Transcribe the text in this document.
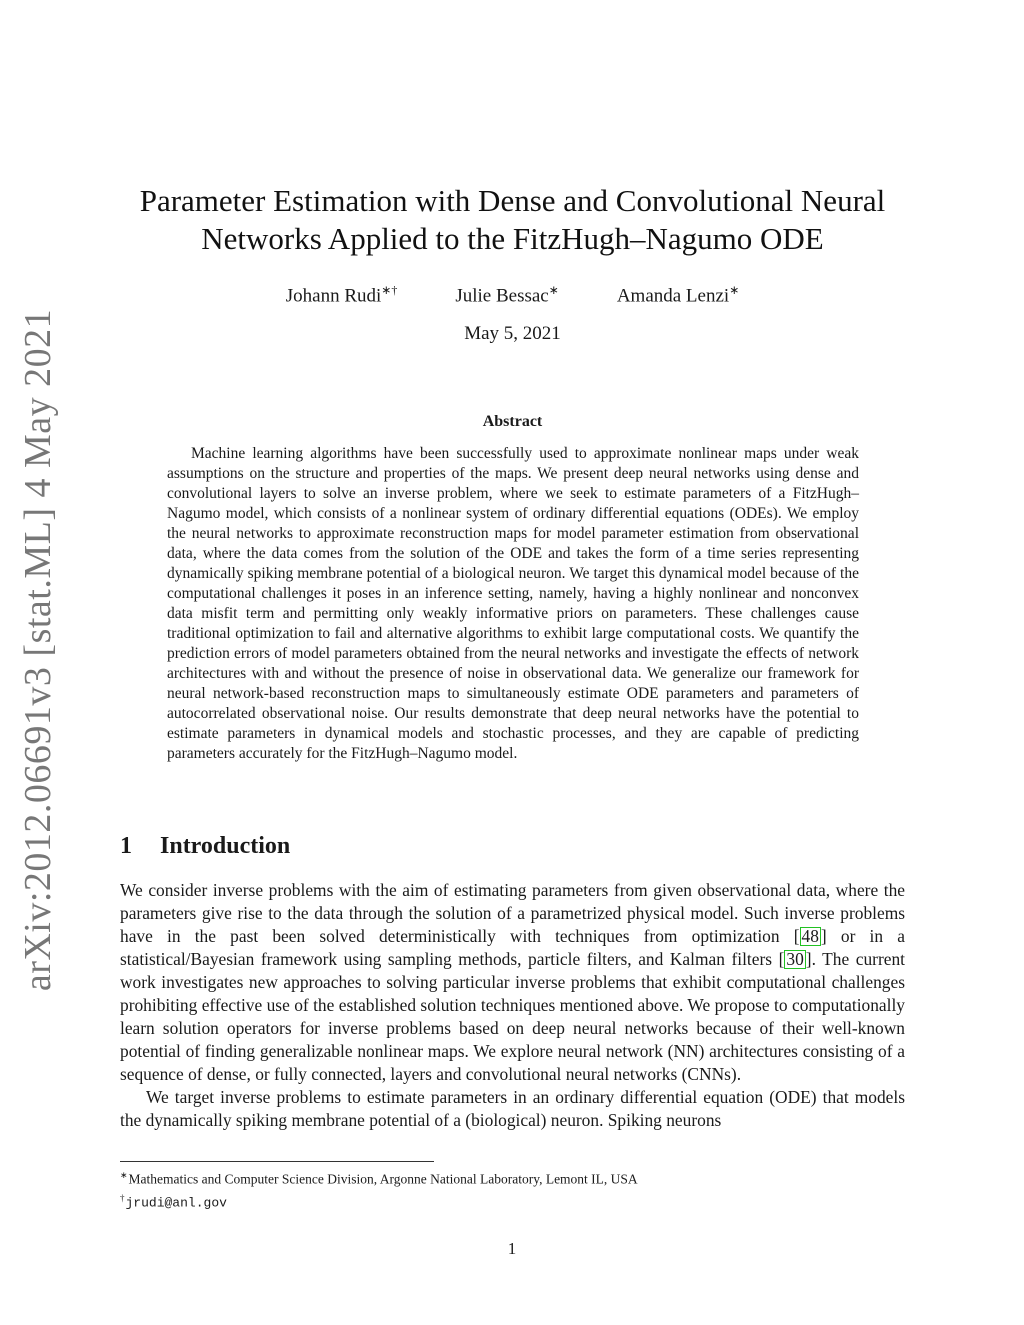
arXiv:2012.06691v3 [stat.ML] 4 May 2021
Parameter Estimation with Dense and Convolutional Neural
Networks Applied to the FitzHugh–Nagumo ODE
Johann Rudi∗†	Julie Bessac∗	Amanda Lenzi∗
May 5, 2021
Abstract

Machine learning algorithms have been successfully used to approximate nonlinear maps under weak assumptions on the structure and properties of the maps. We present deep neural networks using dense and convolutional layers to solve an inverse problem, where we seek to estimate parameters of a FitzHugh–Nagumo model, which consists of a nonlinear system of ordinary differential equations (ODEs). We employ the neural networks to approximate reconstruction maps for model parameter estimation from observational data, where the data comes from the solution of the ODE and takes the form of a time series representing dynamically spiking membrane potential of a biological neuron. We target this dynamical model because of the computational challenges it poses in an inference setting, namely, having a highly nonlinear and nonconvex data misfit term and permitting only weakly informative priors on parameters. These challenges cause traditional optimization to fail and alternative algorithms to exhibit large computational costs. We quantify the prediction errors of model parameters obtained from the neural networks and investigate the effects of network architectures with and without the presence of noise in observational data. We generalize our framework for neural network-based reconstruction maps to simultaneously estimate ODE parameters and parameters of autocorrelated observational noise. Our results demonstrate that deep neural networks have the potential to estimate parameters in dynamical models and stochastic processes, and they are capable of predicting parameters accurately for the FitzHugh–Nagumo model.

1 Introduction

We consider inverse problems with the aim of estimating parameters from given observational data, where the parameters give rise to the data through the solution of a parametrized physical model. Such inverse problems have in the past been solved deterministically with techniques from optimization [ 48 ] or in a statistical/Bayesian framework using sampling methods, particle filters, and Kalman filters [ 30 ]. The current work investigates new approaches to solving particular inverse problems that exhibit computational challenges prohibiting effective use of the established solution techniques mentioned above. We propose to computationally learn solution operators for inverse problems based on deep neural networks because of their well-known potential of finding generalizable nonlinear maps. We explore neural network (NN) architectures consisting of a sequence of dense, or fully connected, layers and convolutional neural networks (CNNs).

We target inverse problems to estimate parameters in an ordinary differential equation (ODE) that models the dynamically spiking membrane potential of a (biological) neuron. Spiking neurons

∗Mathematics and Computer Science Division, Argonne National Laboratory, Lemont IL, USA
†jrudi@anl.gov
1
